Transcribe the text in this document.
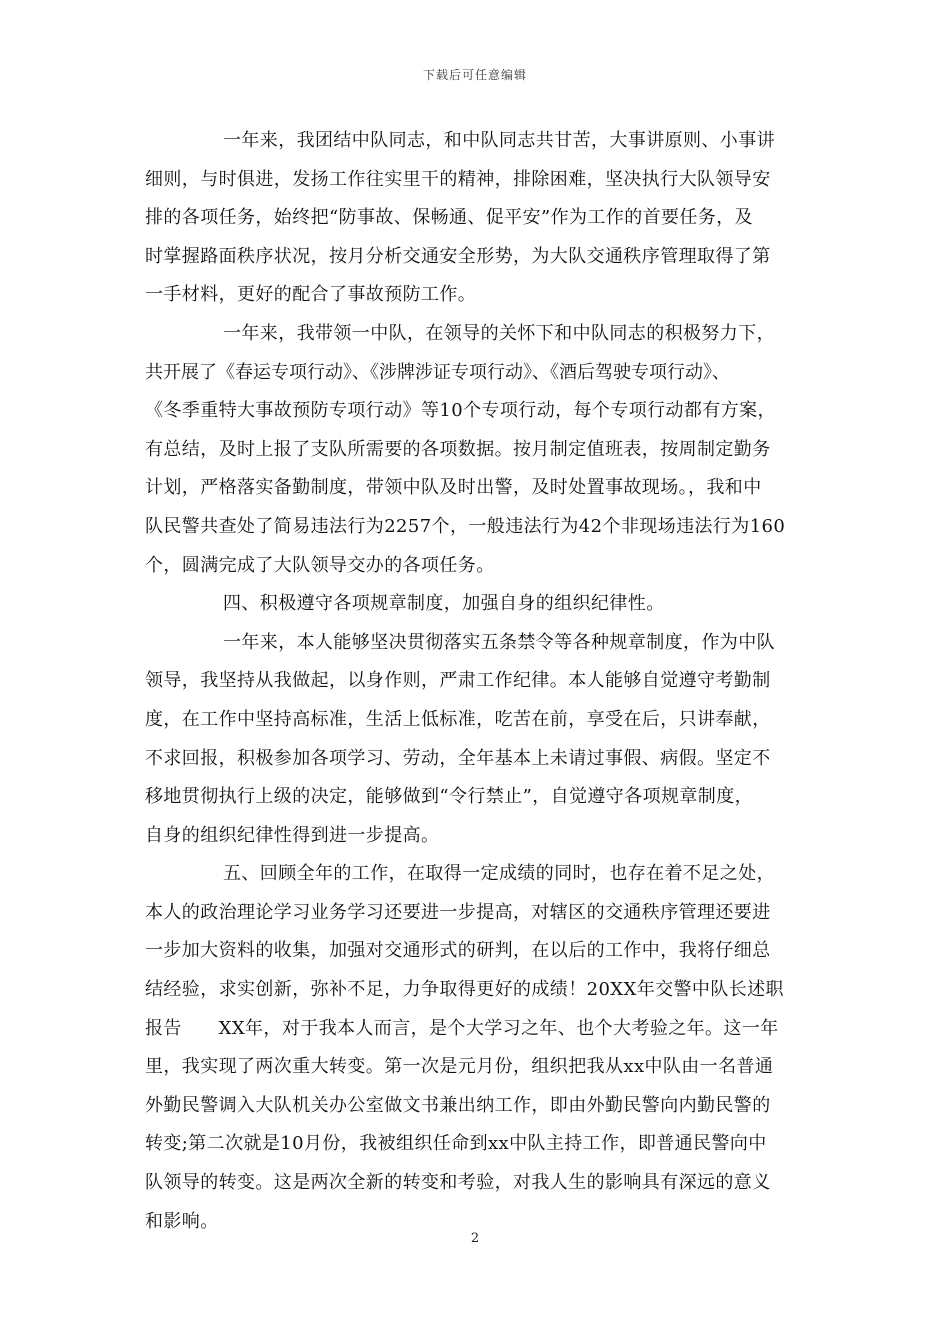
下载后可任意编辑
一年来，我团结中队同志，和中队同志共甘苦，大事讲原则、小事讲
细则，与时俱进，发扬工作往实里干的精神，排除困难，坚决执行大队领导安
排的各项任务，始终把“防事故、保畅通、促平安”作为工作的首要任务，及
时掌握路面秩序状况，按月分析交通安全形势，为大队交通秩序管理取得了第
一手材料，更好的配合了事故预防工作。
一年来，我带领一中队，在领导的关怀下和中队同志的积极努力下，
共开展了《春运专项行动》、《涉牌涉证专项行动》、《酒后驾驶专项行动》、
《冬季重特大事故预防专项行动》等10个专项行动，每个专项行动都有方案，
有总结，及时上报了支队所需要的各项数据。按月制定值班表，按周制定勤务
计划，严格落实备勤制度，带领中队及时出警，及时处置事故现场。，我和中
队民警共查处了简易违法行为2257个，一般违法行为42个非现场违法行为160
个，圆满完成了大队领导交办的各项任务。
四、积极遵守各项规章制度，加强自身的组织纪律性。
一年来，本人能够坚决贯彻落实五条禁令等各种规章制度，作为中队
领导，我坚持从我做起，以身作则，严肃工作纪律。本人能够自觉遵守考勤制
度，在工作中坚持高标准，生活上低标准，吃苦在前，享受在后，只讲奉献，
不求回报，积极参加各项学习、劳动，全年基本上未请过事假、病假。坚定不
移地贯彻执行上级的决定，能够做到“令行禁止”，自觉遵守各项规章制度，
自身的组织纪律性得到进一步提高。
五、回顾全年的工作，在取得一定成绩的同时，也存在着不足之处，
本人的政治理论学习业务学习还要进一步提高，对辖区的交通秩序管理还要进
一步加大资料的收集，加强对交通形式的研判，在以后的工作中，我将仔细总
结经验，求实创新，弥补不足，力争取得更好的成绩！20XX年交警中队长述职
报告　　XX年，对于我本人而言，是个大学习之年、也个大考验之年。这一年
里，我实现了两次重大转变。第一次是元月份，组织把我从xx中队由一名普通
外勤民警调入大队机关办公室做文书兼出纳工作，即由外勤民警向内勤民警的
转变;第二次就是10月份，我被组织任命到xx中队主持工作，即普通民警向中
队领导的转变。这是两次全新的转变和考验，对我人生的影响具有深远的意义
和影响。
2
